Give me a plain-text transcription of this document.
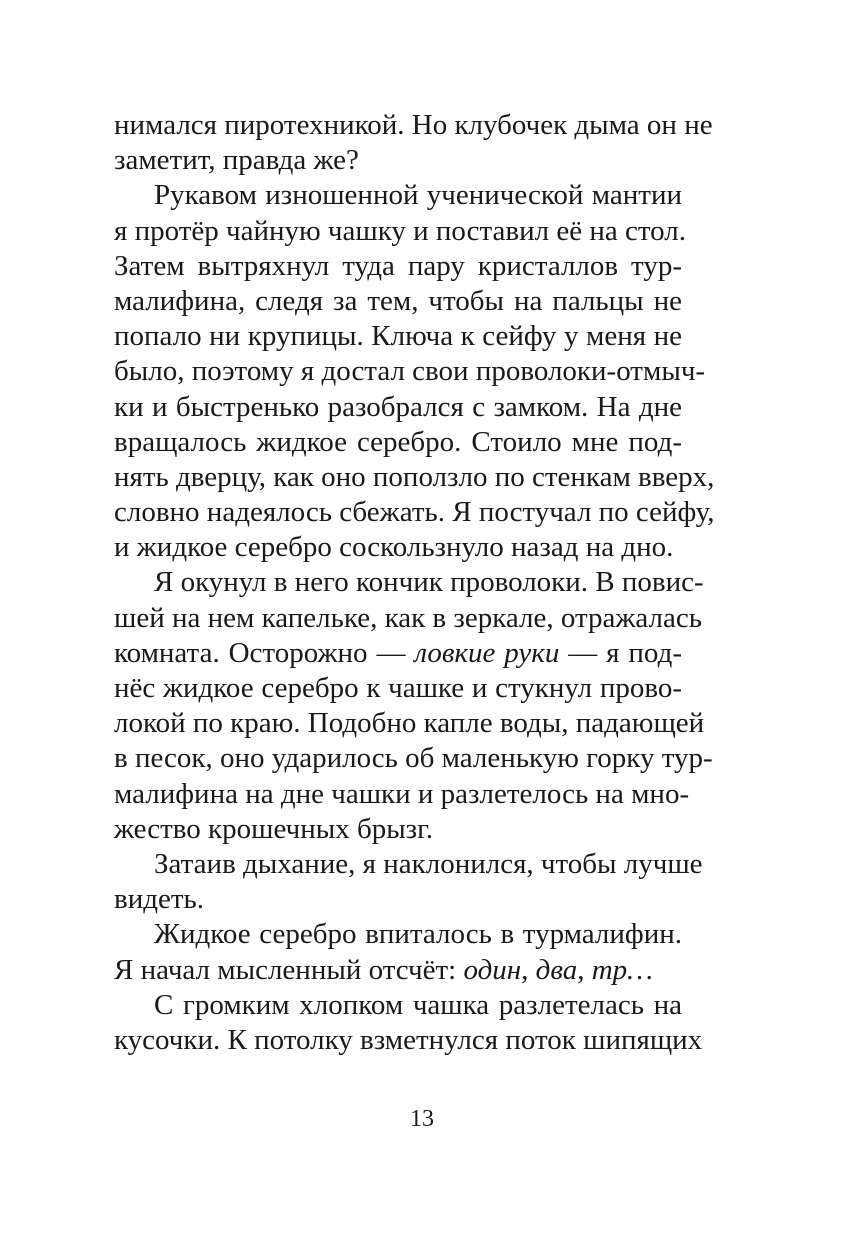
нимался пиротехникой. Но клубочек дыма он не
заметит, правда же?
Рукавом изношенной ученической мантии
я протёр чайную чашку и поставил её на стол.
Затем вытряхнул туда пару кристаллов тур-
малифина, следя за тем, чтобы на пальцы не
попало ни крупицы. Ключа к сейфу у меня не
было, поэтому я достал свои проволоки-отмыч-
ки и быстренько разобрался с замком. На дне
вращалось жидкое серебро. Стоило мне под-
нять дверцу, как оно поползло по стенкам вверх,
словно надеялось сбежать. Я постучал по сейфу,
и жидкое серебро соскользнуло назад на дно.
Я окунул в него кончик проволоки. В повис-
шей на нем капельке, как в зеркале, отражалась
комната. Осторожно — ловкие руки — я под-
нёс жидкое серебро к чашке и стукнул прово-
локой по краю. Подобно капле воды, падающей
в песок, оно ударилось об маленькую горку тур-
малифина на дне чашки и разлетелось на мно-
жество крошечных брызг.
Затаив дыхание, я наклонился, чтобы лучше
видеть.
Жидкое серебро впиталось в турмалифин.
Я начал мысленный отсчёт: один, два, тр…
С громким хлопком чашка разлетелась на
кусочки. К потолку взметнулся поток шипящих
13
